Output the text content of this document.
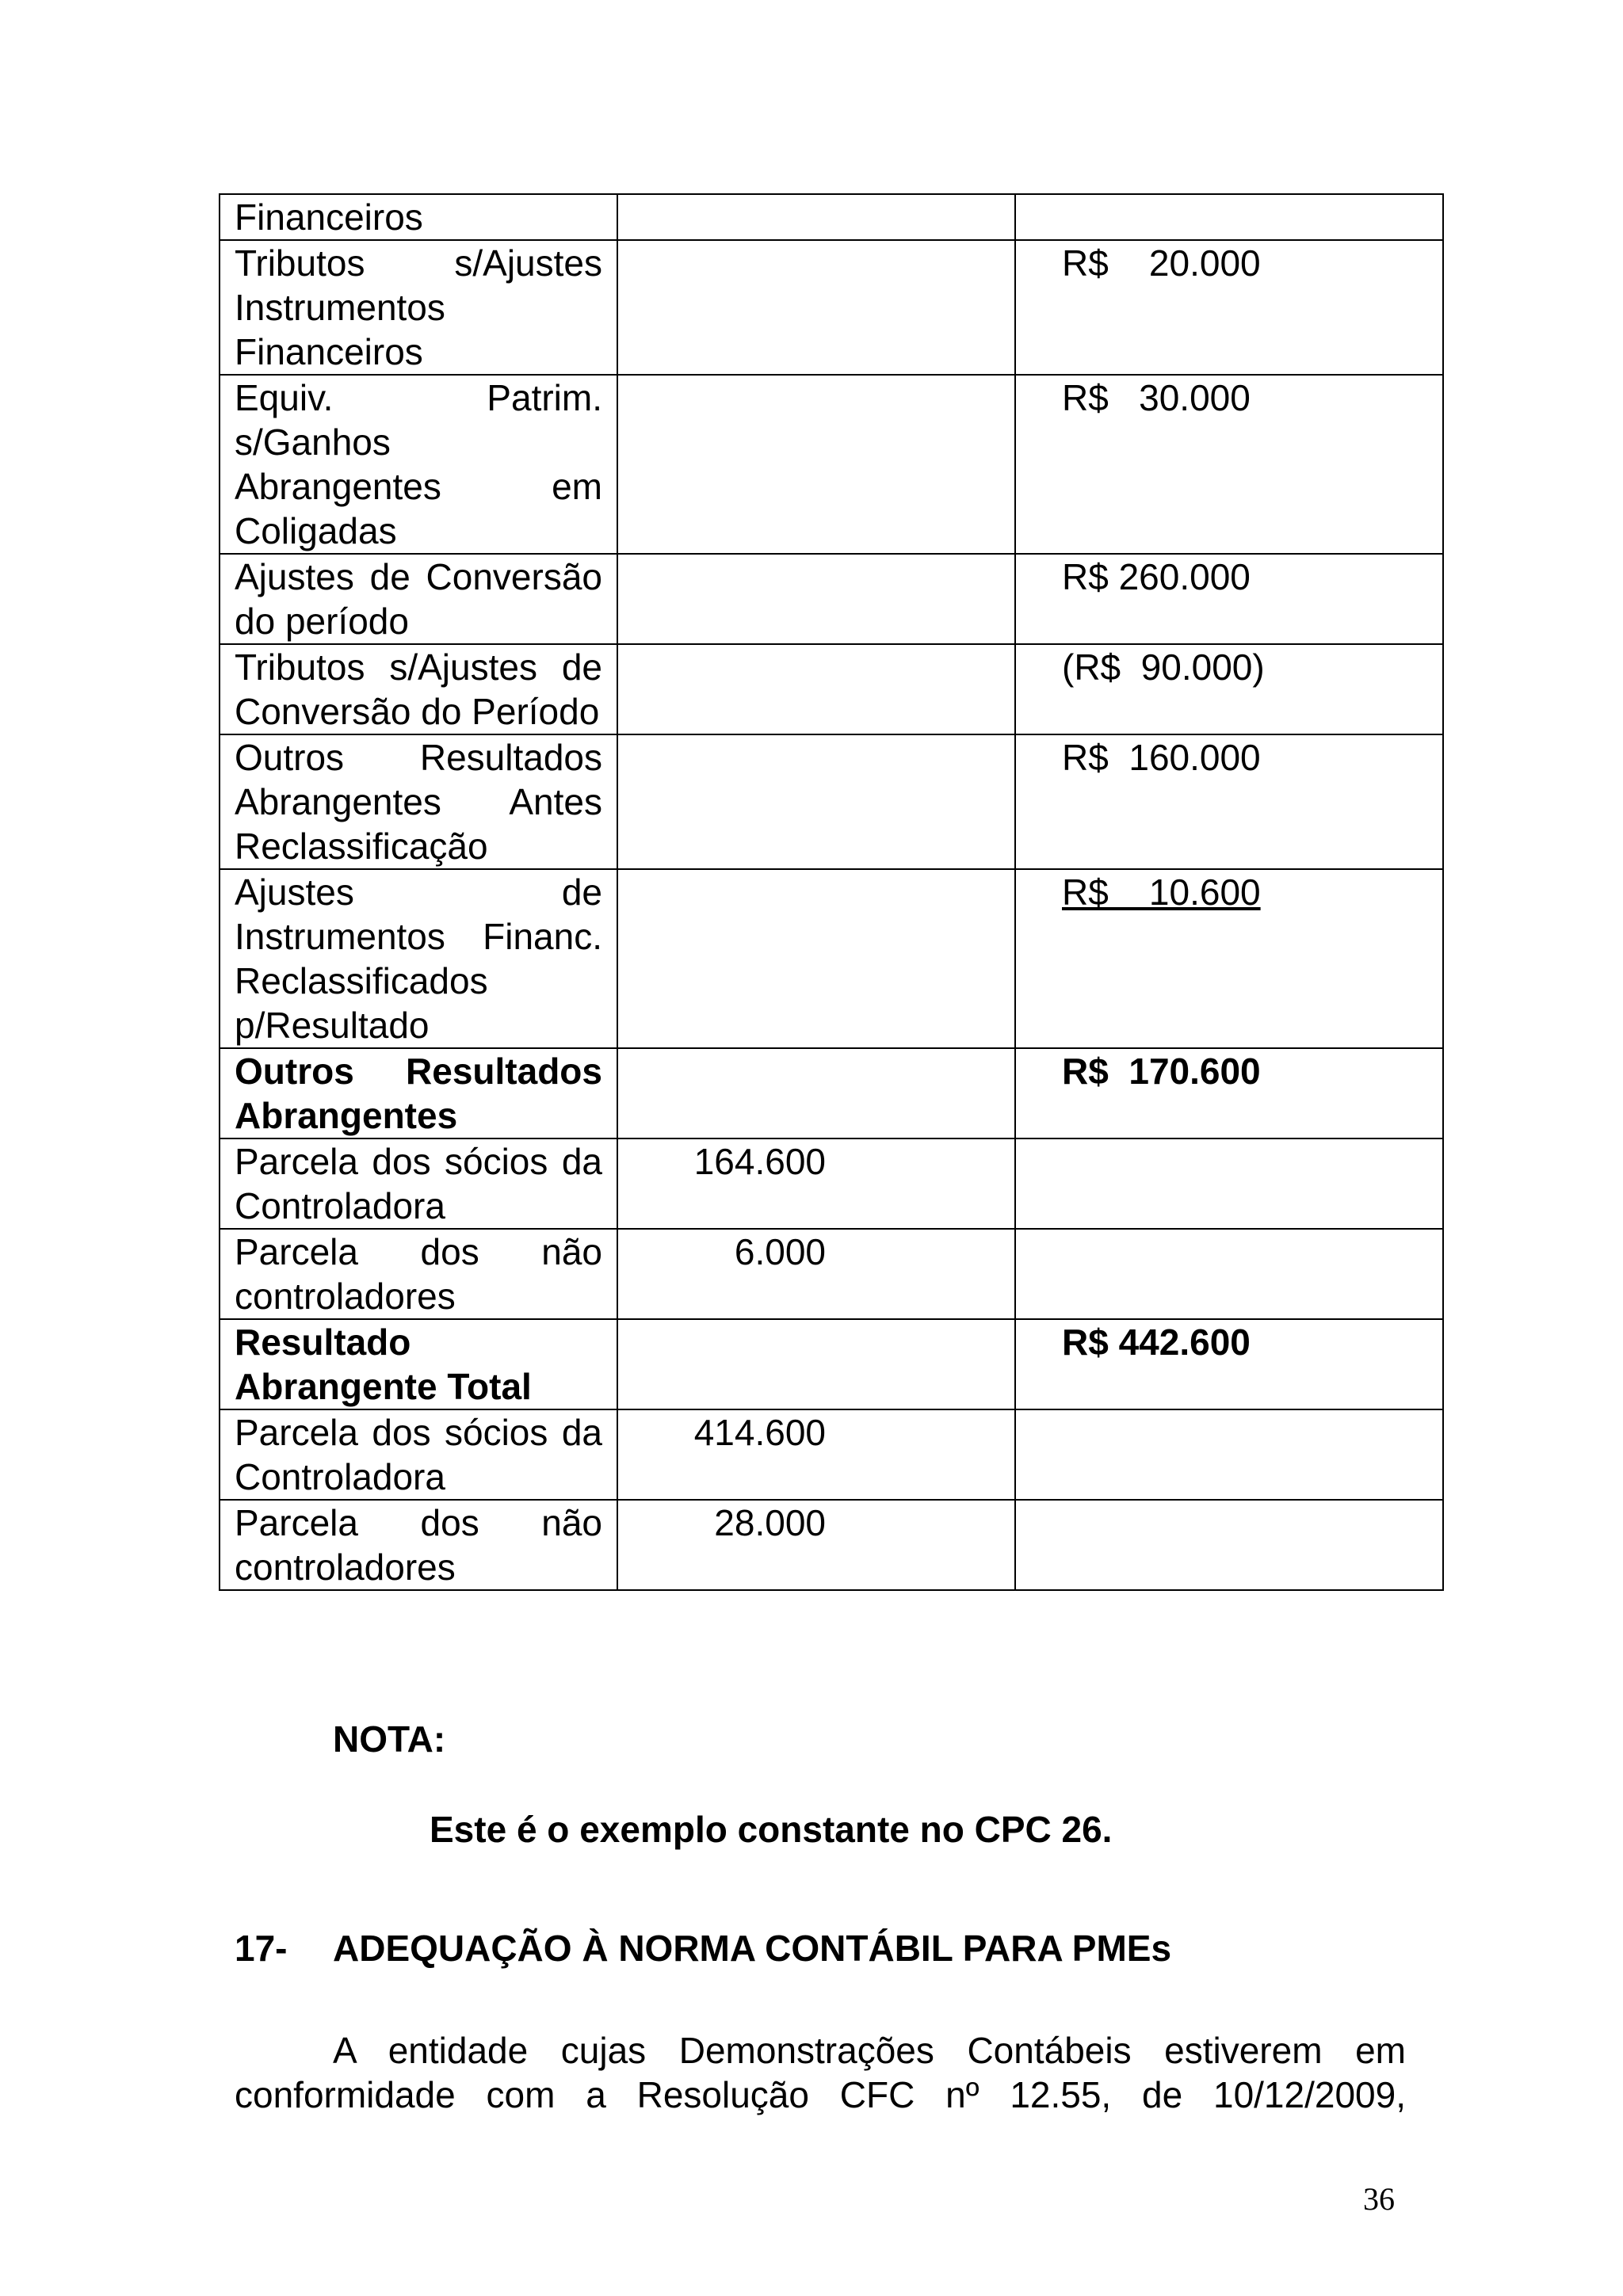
Financeiros		

Tributos s/Ajustes Instrumentos Financeiros		R$    20.000

Equiv. Patrim. s/Ganhos Abrangentes em Coligadas		R$   30.000

Ajustes de Conversão do período		R$ 260.000

Tributos s/Ajustes de Conversão do Período		(R$  90.000)

Outros Resultados Abrangentes Antes Reclassificação		R$  160.000

Ajustes de Instrumentos Financ. Reclassificados p/Resultado		R$    10.600

Outros Resultados Abrangentes		R$  170.600

Parcela dos sócios da Controladora	164.600	

Parcela dos não controladores	6.000	

Resultado Abrangente Total		R$ 442.600

Parcela dos sócios da Controladora	414.600	

Parcela dos não controladores	28.000	

NOTA:
Este é o exemplo constante no CPC 26.
17- ADEQUAÇÃO À NORMA CONTÁBIL PARA PMEs
A entidade cujas Demonstrações Contábeis estiverem em conformidade com a Resolução CFC nº 12.55, de 10/12/2009,
36
